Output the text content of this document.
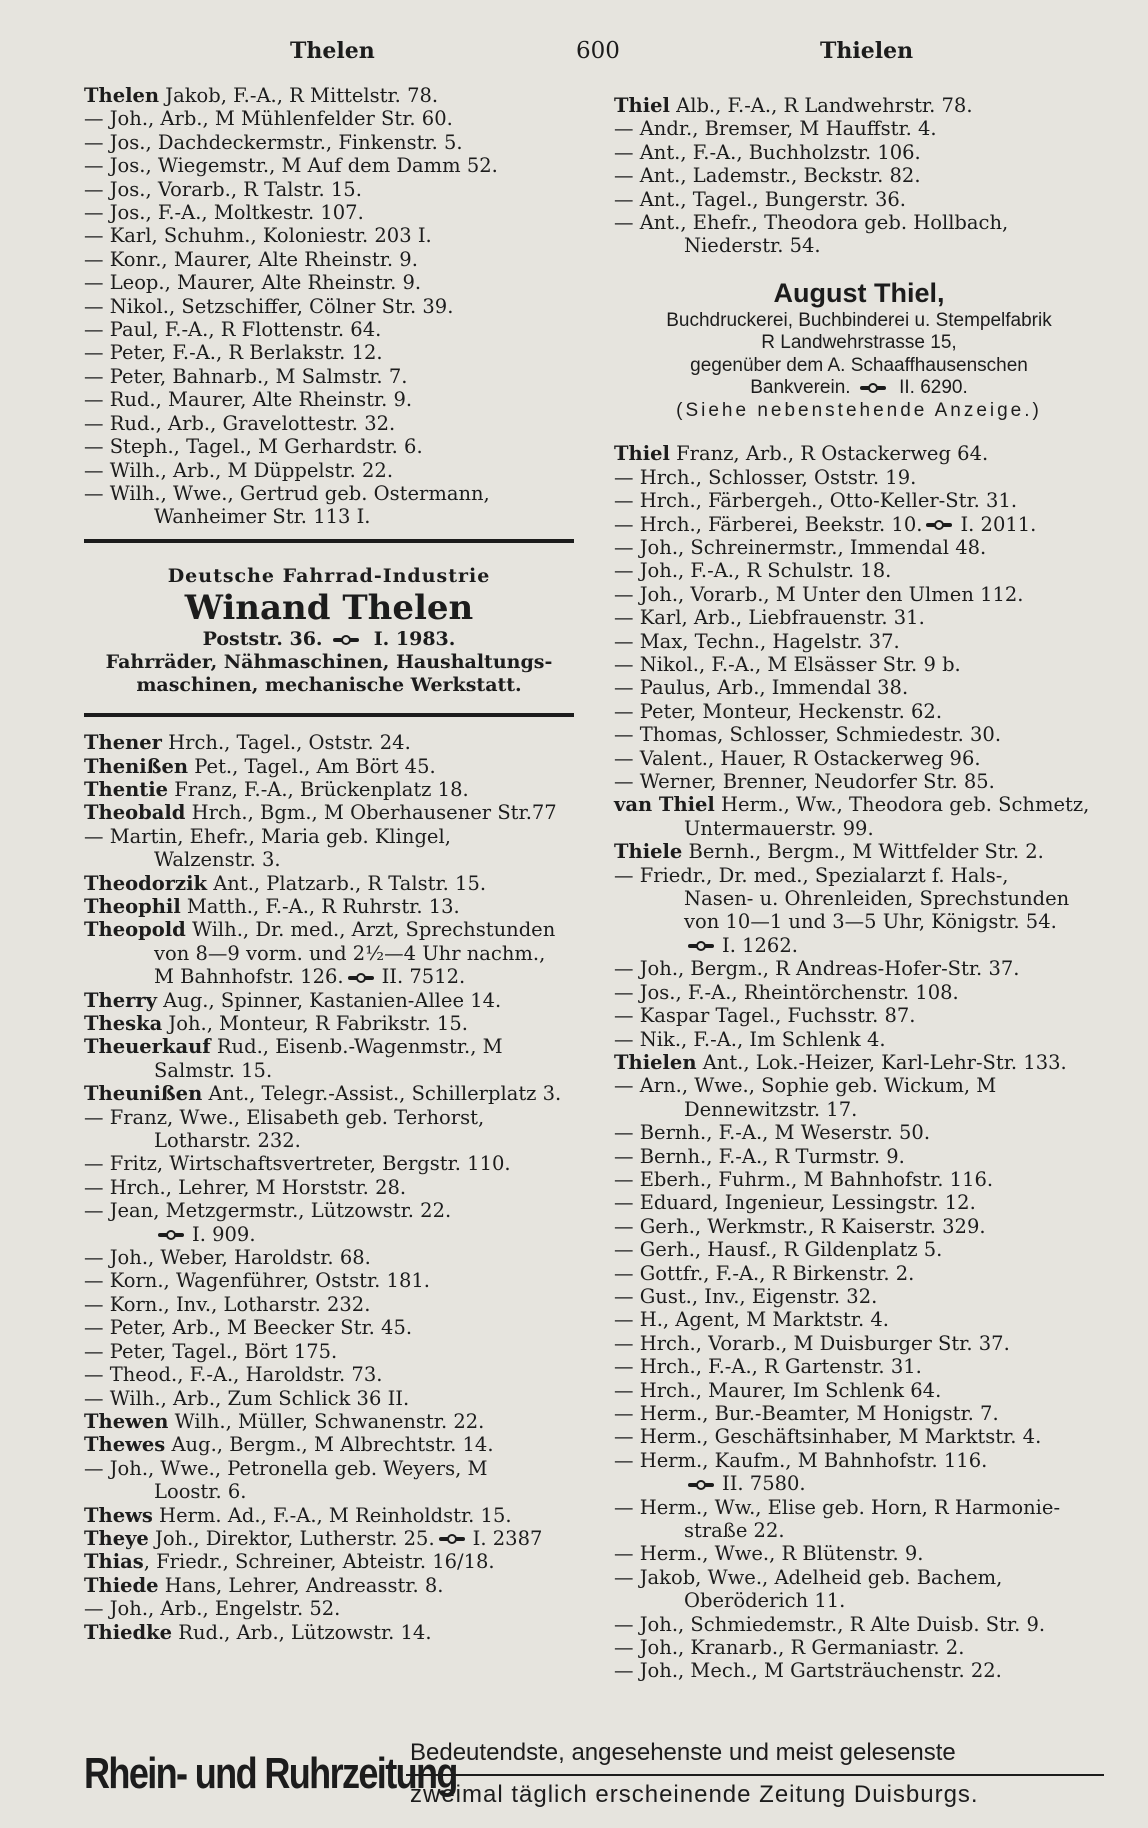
Thelen	600	Thielen
Thelen Jakob, F.-A., R Mittelstr. 78.
— Joh., Arb., M Mühlenfelder Str. 60.
— Jos., Dachdeckermstr., Finkenstr. 5.
— Jos., Wiegemstr., M Auf dem Damm 52.
— Jos., Vorarb., R Talstr. 15.
— Jos., F.-A., Moltkestr. 107.
— Karl, Schuhm., Koloniestr. 203 I.
— Konr., Maurer, Alte Rheinstr. 9.
— Leop., Maurer, Alte Rheinstr. 9.
— Nikol., Setzschiffer, Cölner Str. 39.
— Paul, F.-A., R Flottenstr. 64.
— Peter, F.-A., R Berlakstr. 12.
— Peter, Bahnarb., M Salmstr. 7.
— Rud., Maurer, Alte Rheinstr. 9.
— Rud., Arb., Gravelottestr. 32.
— Steph., Tagel., M Gerhardstr. 6.
— Wilh., Arb., M Düppelstr. 22.
— Wilh., Wwe., Gertrud geb. Ostermann,
Wanheimer Str. 113 I.
Deutsche Fahrrad-Industrie
Winand Thelen
Poststr. 36.	I. 1983.
Fahrräder, Nähmaschinen, Haushaltungs-
maschinen, mechanische Werkstatt.
Thener Hrch., Tagel., Oststr. 24.
Thenißen Pet., Tagel., Am Bört 45.
Thentie Franz, F.-A., Brückenplatz 18.
Theobald Hrch., Bgm., M Oberhausener Str.77
— Martin, Ehefr., Maria geb. Klingel,
Walzenstr. 3.
Theodorzik Ant., Platzarb., R Talstr. 15.
Theophil Matth., F.-A., R Ruhrstr. 13.
Theopold Wilh., Dr. med., Arzt, Sprechstunden
von 8—9 vorm. und 2½—4 Uhr nachm.,
M Bahnhofstr. 126. II. 7512.
Therry Aug., Spinner, Kastanien-Allee 14.
Theska Joh., Monteur, R Fabrikstr. 15.
Theuerkauf Rud., Eisenb.-Wagenmstr., M
Salmstr. 15.
Theunißen Ant., Telegr.-Assist., Schillerplatz 3.
— Franz, Wwe., Elisabeth geb. Terhorst,
Lotharstr. 232.
— Fritz, Wirtschaftsvertreter, Bergstr. 110.
— Hrch., Lehrer, M Horststr. 28.
— Jean, Metzgermstr., Lützowstr. 22.
I. 909.
— Joh., Weber, Haroldstr. 68.
— Korn., Wagenführer, Oststr. 181.
— Korn., Inv., Lotharstr. 232.
— Peter, Arb., M Beecker Str. 45.
— Peter, Tagel., Bört 175.
— Theod., F.-A., Haroldstr. 73.
— Wilh., Arb., Zum Schlick 36 II.
Thewen Wilh., Müller, Schwanenstr. 22.
Thewes Aug., Bergm., M Albrechtstr. 14.
— Joh., Wwe., Petronella geb. Weyers, M
Loostr. 6.
Thews Herm. Ad., F.-A., M Reinholdstr. 15.
Theye Joh., Direktor, Lutherstr. 25. I. 2387
Thias, Friedr., Schreiner, Abteistr. 16/18.
Thiede Hans, Lehrer, Andreasstr. 8.
— Joh., Arb., Engelstr. 52.
Thiedke Rud., Arb., Lützowstr. 14.
Thiel Alb., F.-A., R Landwehrstr. 78.
— Andr., Bremser, M Hauffstr. 4.
— Ant., F.-A., Buchholzstr. 106.
— Ant., Lademstr., Beckstr. 82.
— Ant., Tagel., Bungerstr. 36.
— Ant., Ehefr., Theodora geb. Hollbach,
Niederstr. 54.
August Thiel,
Buchdruckerei, Buchbinderei u. Stempelfabrik
R Landwehrstrasse 15,
gegenüber dem A. Schaaffhausenschen
Bankverein.	II. 6290.
(Siehe nebenstehende Anzeige.)
Thiel Franz, Arb., R Ostackerweg 64.
— Hrch., Schlosser, Oststr. 19.
— Hrch., Färbergeh., Otto-Keller-Str. 31.
— Hrch., Färberei, Beekstr. 10. I. 2011.
— Joh., Schreinermstr., Immendal 48.
— Joh., F.-A., R Schulstr. 18.
— Joh., Vorarb., M Unter den Ulmen 112.
— Karl, Arb., Liebfrauenstr. 31.
— Max, Techn., Hagelstr. 37.
— Nikol., F.-A., M Elsässer Str. 9 b.
— Paulus, Arb., Immendal 38.
— Peter, Monteur, Heckenstr. 62.
— Thomas, Schlosser, Schmiedestr. 30.
— Valent., Hauer, R Ostackerweg 96.
— Werner, Brenner, Neudorfer Str. 85.
van Thiel Herm., Ww., Theodora geb. Schmetz,
Untermauerstr. 99.
Thiele Bernh., Bergm., M Wittfelder Str. 2.
— Friedr., Dr. med., Spezialarzt f. Hals-,
Nasen- u. Ohrenleiden, Sprechstunden
von 10—1 und 3—5 Uhr, Königstr. 54.
I. 1262.
— Joh., Bergm., R Andreas-Hofer-Str. 37.
— Jos., F.-A., Rheintörchenstr. 108.
— Kaspar Tagel., Fuchsstr. 87.
— Nik., F.-A., Im Schlenk 4.
Thielen Ant., Lok.-Heizer, Karl-Lehr-Str. 133.
— Arn., Wwe., Sophie geb. Wickum, M
Dennewitzstr. 17.
— Bernh., F.-A., M Weserstr. 50.
— Bernh., F.-A., R Turmstr. 9.
— Eberh., Fuhrm., M Bahnhofstr. 116.
— Eduard, Ingenieur, Lessingstr. 12.
— Gerh., Werkmstr., R Kaiserstr. 329.
— Gerh., Hausf., R Gildenplatz 5.
— Gottfr., F.-A., R Birkenstr. 2.
— Gust., Inv., Eigenstr. 32.
— H., Agent, M Marktstr. 4.
— Hrch., Vorarb., M Duisburger Str. 37.
— Hrch., F.-A., R Gartenstr. 31.
— Hrch., Maurer, Im Schlenk 64.
— Herm., Bur.-Beamter, M Honigstr. 7.
— Herm., Geschäftsinhaber, M Marktstr. 4.
— Herm., Kaufm., M Bahnhofstr. 116.
II. 7580.
— Herm., Ww., Elise geb. Horn, R Harmonie-
straße 22.
— Herm., Wwe., R Blütenstr. 9.
— Jakob, Wwe., Adelheid geb. Bachem,
Oberöderich 11.
— Joh., Schmiedemstr., R Alte Duisb. Str. 9.
— Joh., Kranarb., R Germaniastr. 2.
— Joh., Mech., M Gartsträuchenstr. 22.
Rhein- und Ruhrzeitung
Bedeutendste, angesehenste und meist gelesenste
zweimal täglich erscheinende Zeitung Duisburgs.
